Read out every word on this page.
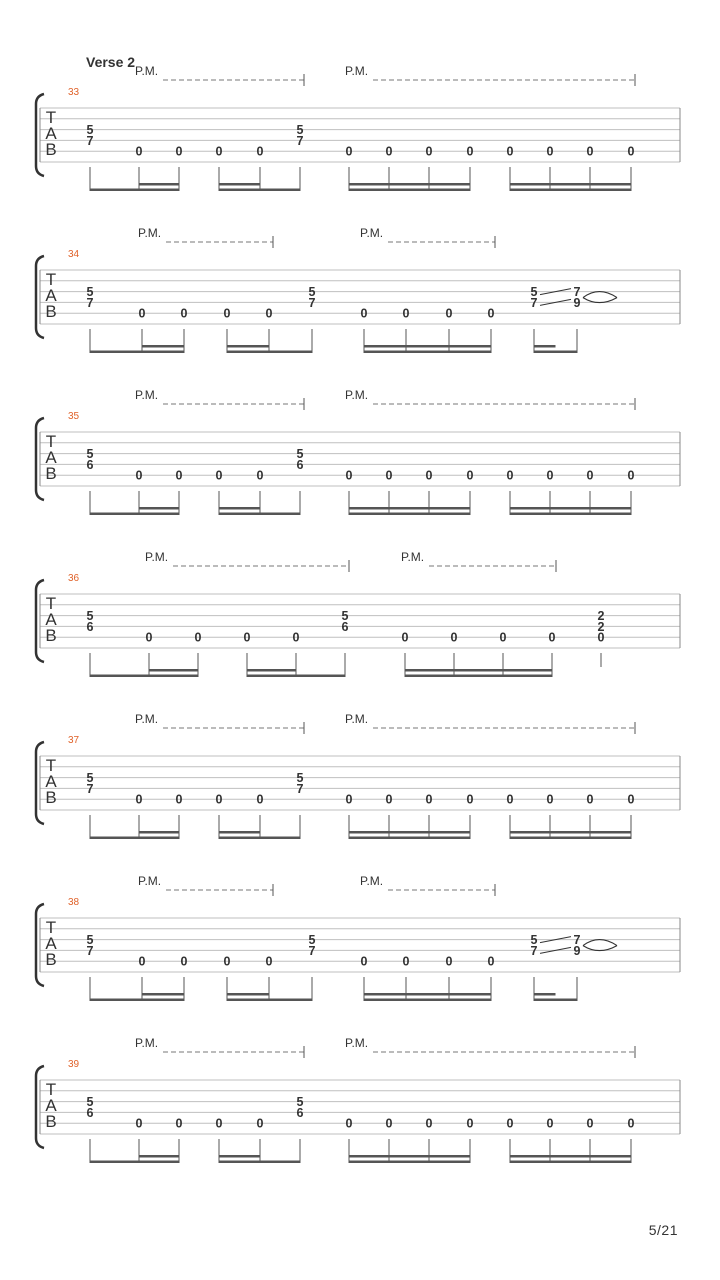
Verse 2
T
A
B
33
P.M.	P.M.
5
7
0	0	0	0
5
7
0	0	0	0	0	0	0	0
T
A
B
34
P.M.	P.M.
5
7
0	0	0	0
5
7
0	0	0	0
5
7
7
9
T
A
B
35
P.M.	P.M.
5
6
0	0	0	0
5
6
0	0	0	0	0	0	0	0
T
A
B
36
P.M.	P.M.
5
6
0	0	0	0
5
6
0	0	0	0
2
2
0
T
A
B
37
P.M.	P.M.
5
7
0	0	0	0
5
7
0	0	0	0	0	0	0	0
T
A
B
38
P.M.	P.M.
5
7
0	0	0	0
5
7
0	0	0	0
5
7
7
9
T
A
B
39
P.M.	P.M.
5
6
0	0	0	0
5
6
0	0	0	0	0	0	0	0
5/21
